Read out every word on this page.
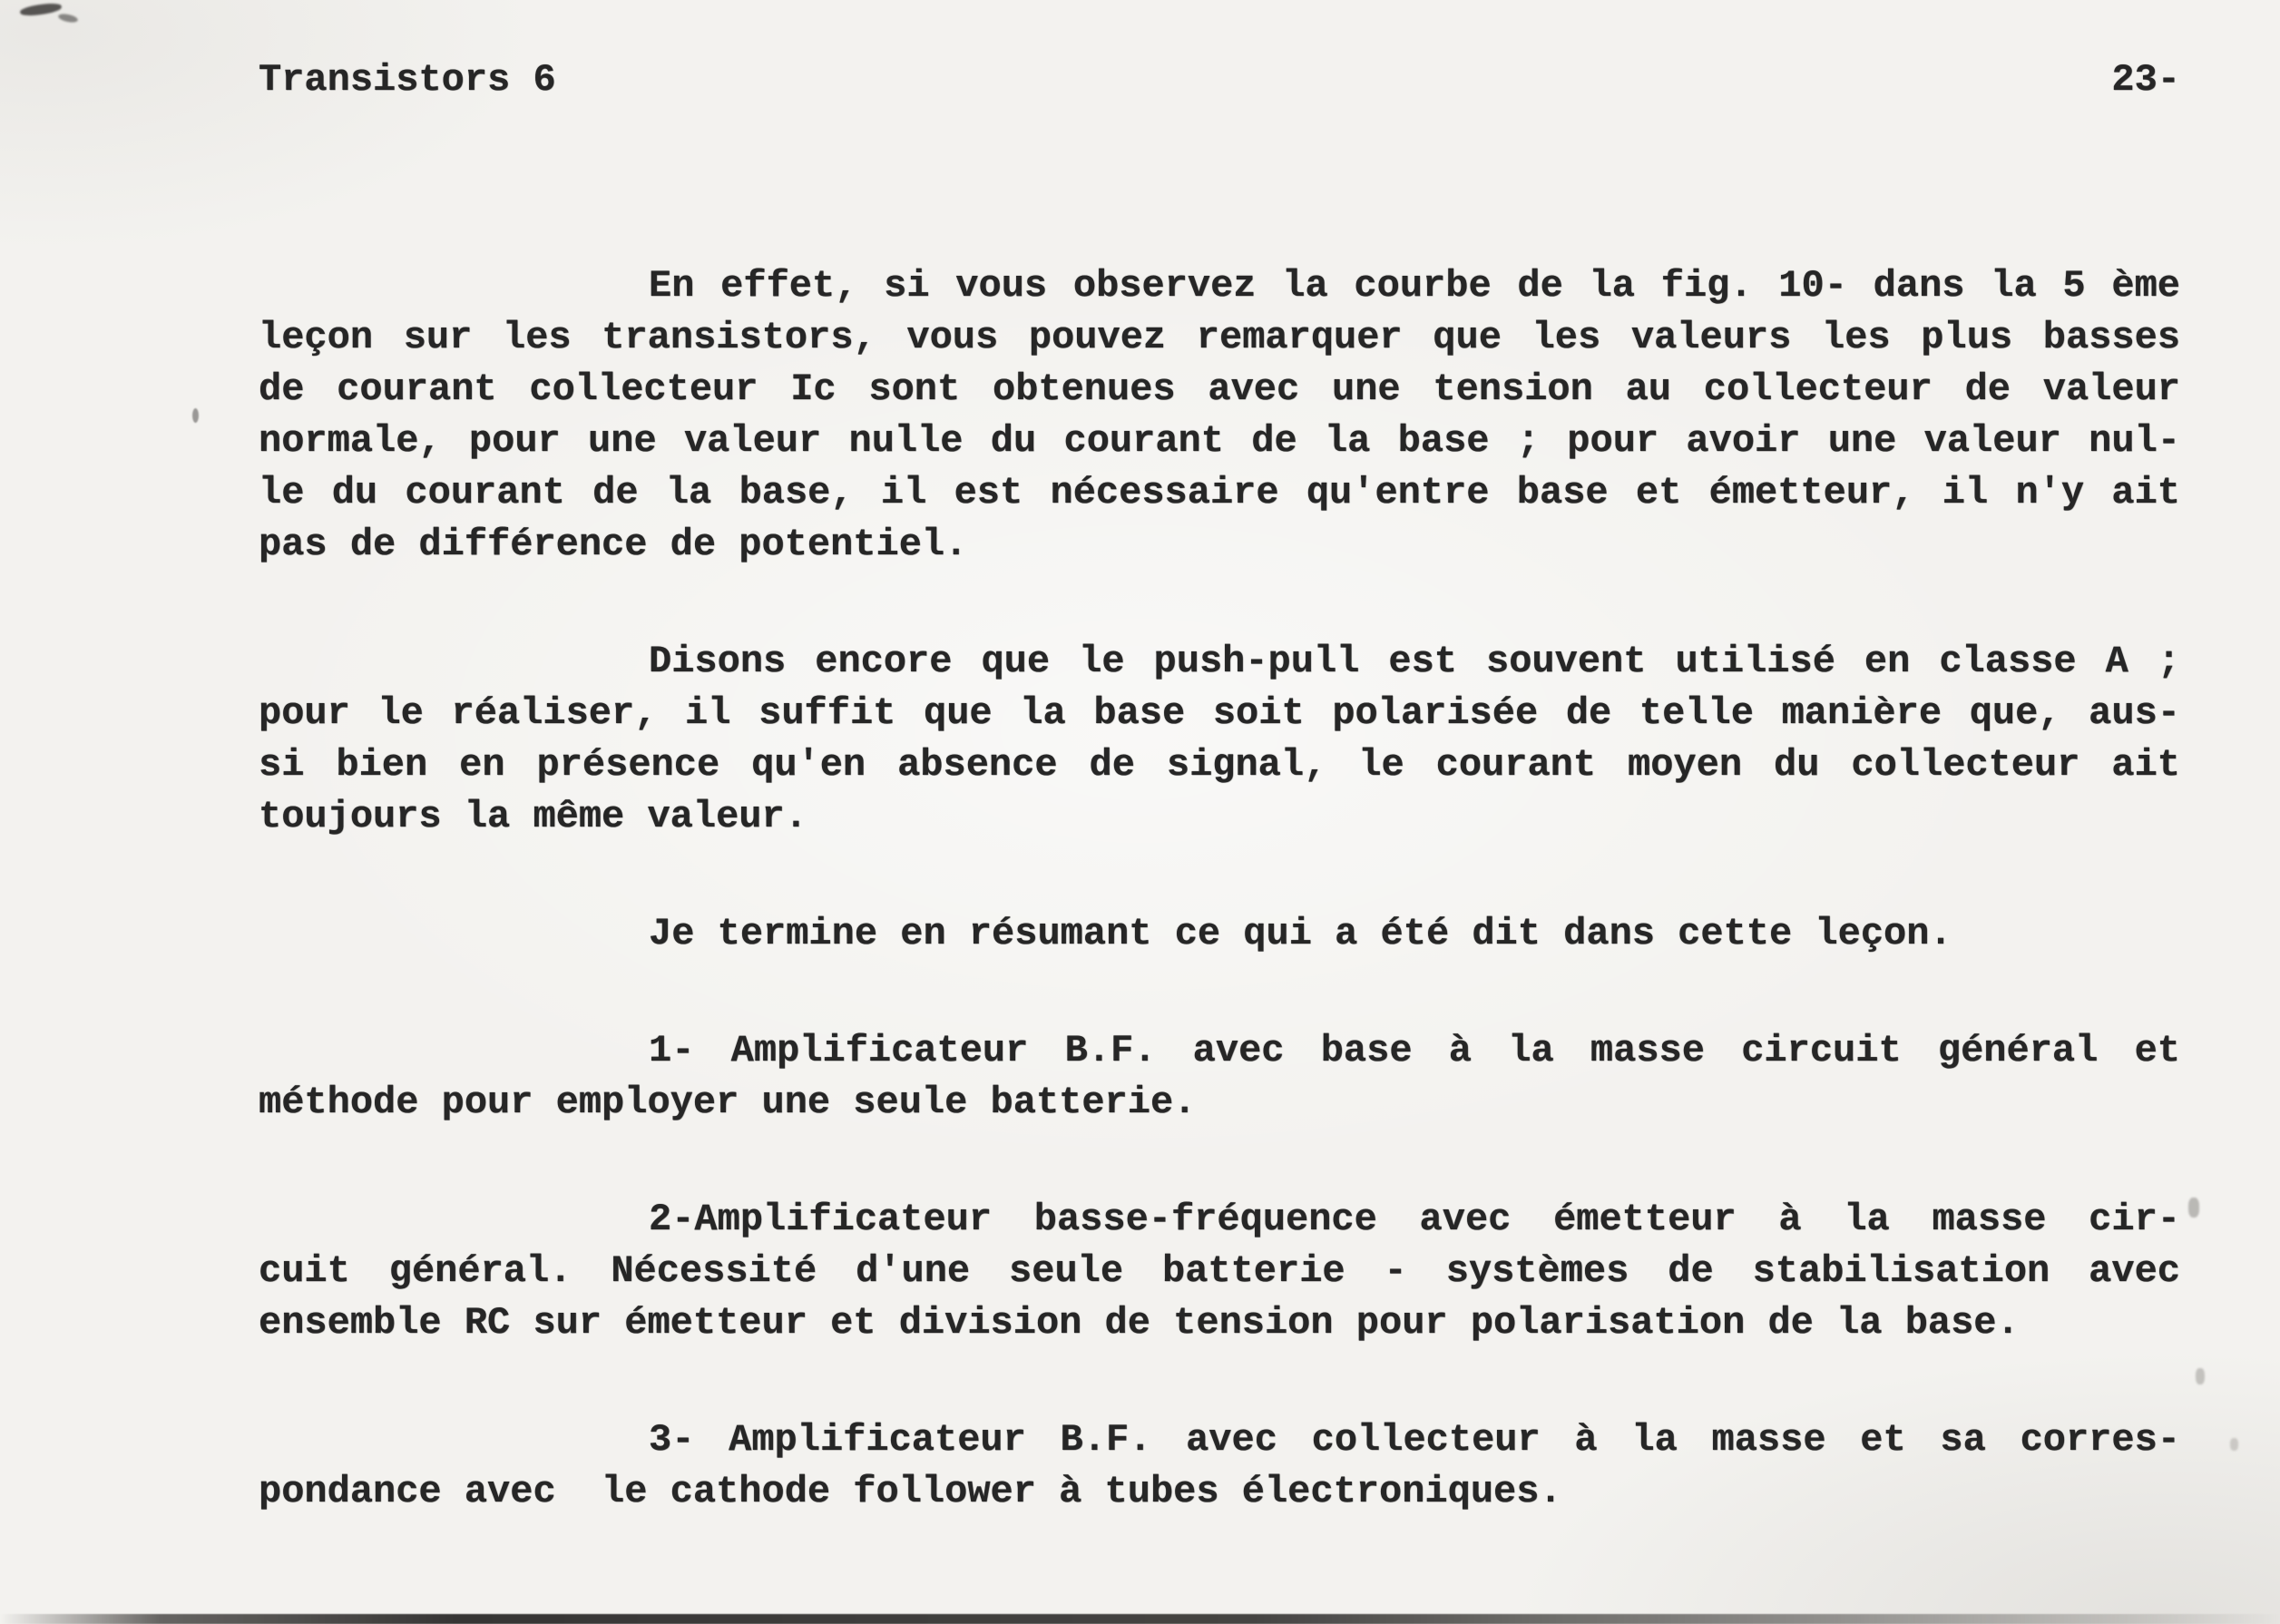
Transistors 6	23-
En effet, si vous observez la courbe de la fig. 10- dans la 5 ème
leçon sur les transistors, vous pouvez remarquer que les valeurs les plus basses
de courant collecteur Ic sont obtenues avec une tension au collecteur de valeur
normale, pour une valeur nulle du courant de la base ; pour avoir une valeur nul-
le du courant de la base, il est nécessaire qu'entre base et émetteur, il n'y ait
pas de différence de potentiel.
Disons encore que le push-pull est souvent utilisé en classe A ;
pour le réaliser, il suffit que la base soit polarisée de telle manière que, aus-
si bien en présence qu'en absence de signal, le courant moyen du collecteur ait
toujours la même valeur.
Je termine en résumant ce qui a été dit dans cette leçon.
1- Amplificateur B.F. avec base à la masse circuit général et
méthode pour employer une seule batterie.
2-Amplificateur basse-fréquence avec émetteur à la masse cir-
cuit général. Nécessité d'une seule batterie - systèmes de stabilisation avec
ensemble RC sur émetteur et division de tension pour polarisation de la base.
3- Amplificateur B.F. avec collecteur à la masse et sa corres-
pondance avec  le cathode follower à tubes électroniques.
